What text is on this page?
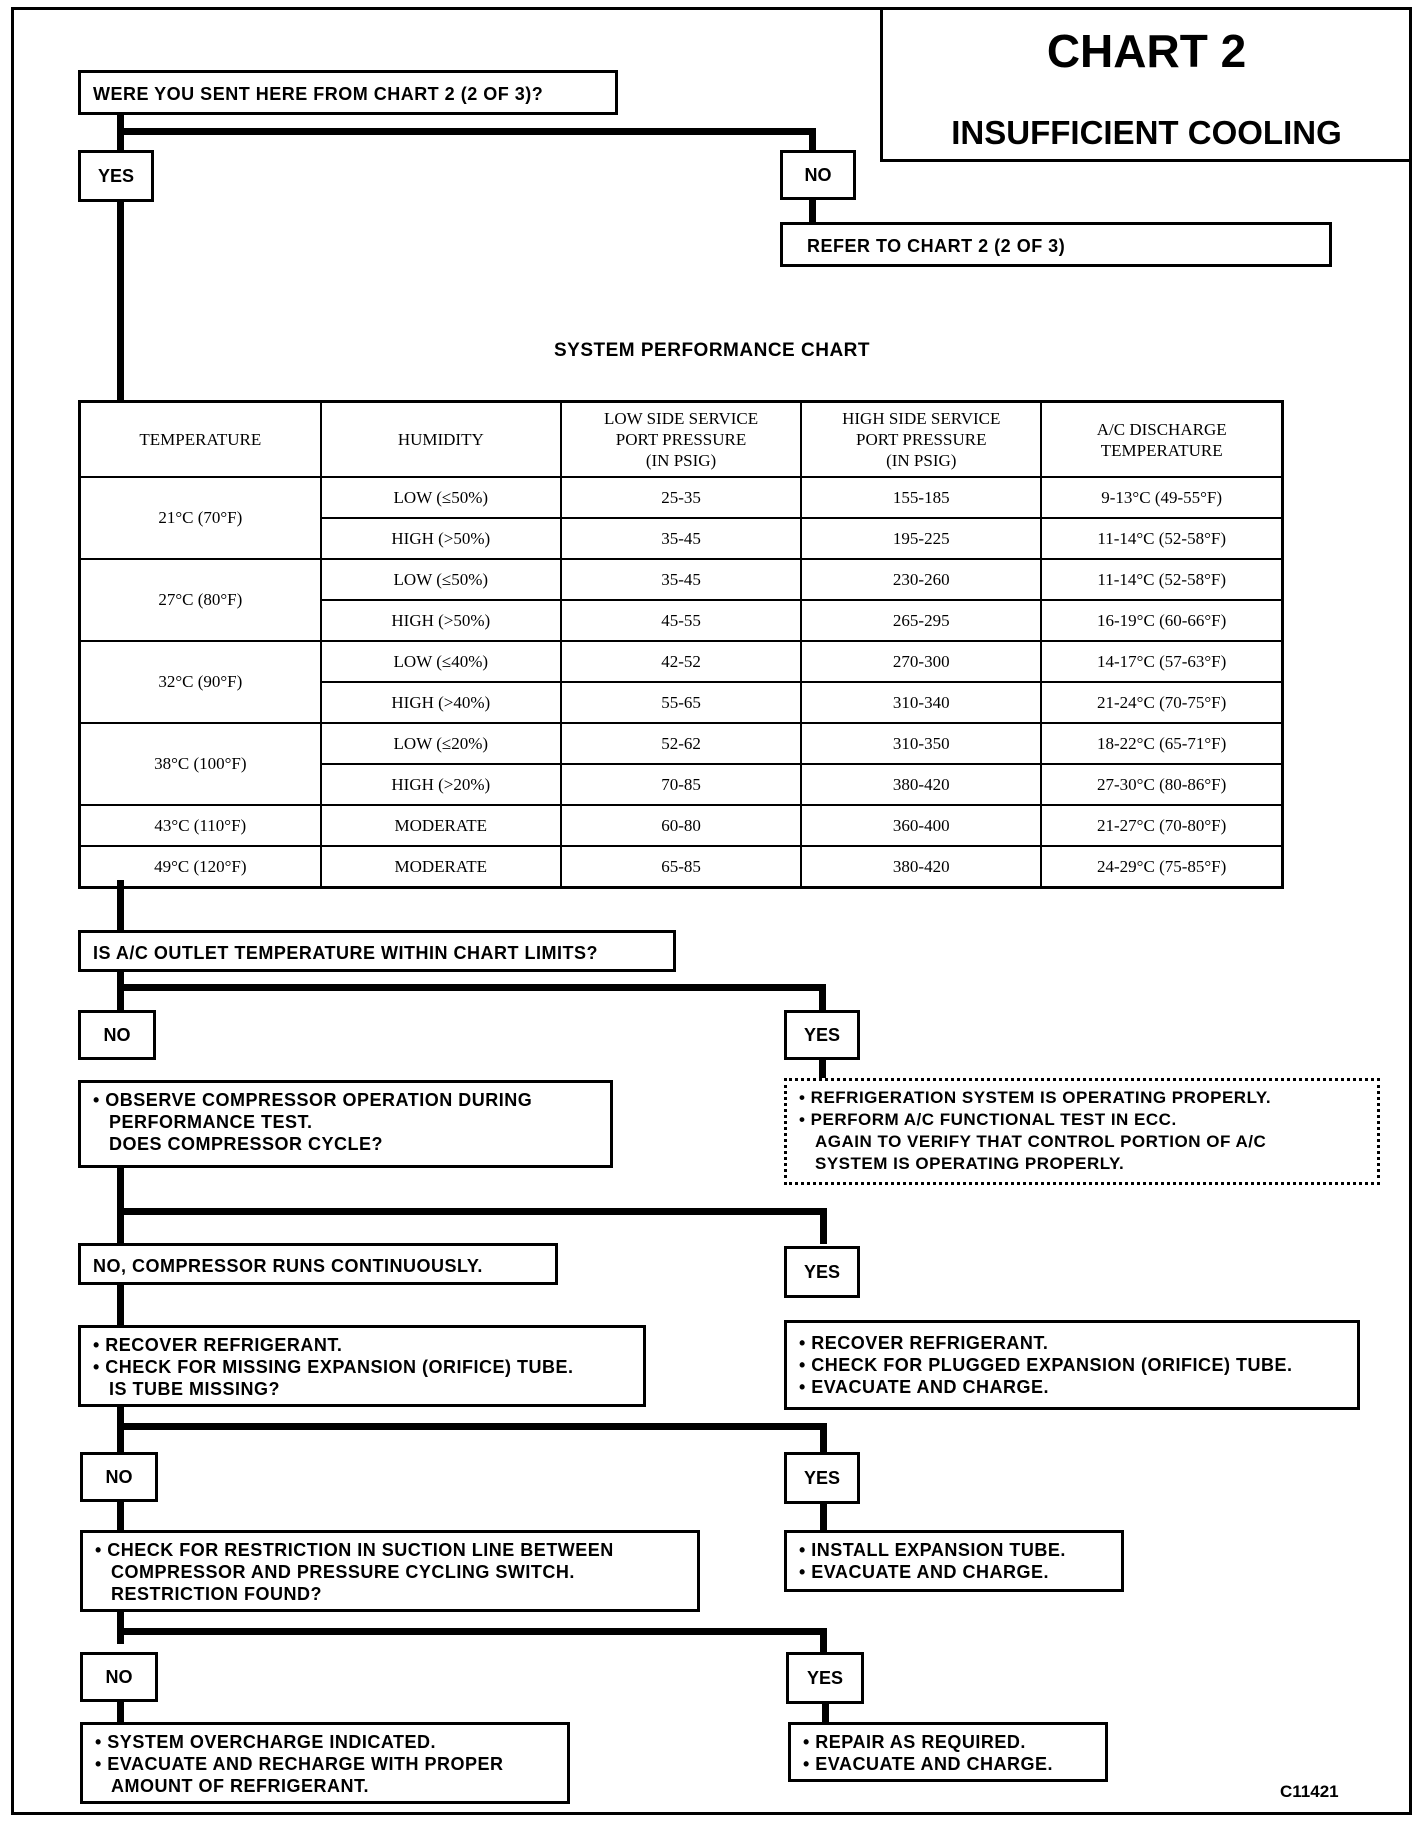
CHART 2
INSUFFICIENT COOLING
WERE YOU SENT HERE FROM CHART 2 (2 OF 3)?
YES	NO
REFER TO CHART 2 (2 OF 3)
SYSTEM PERFORMANCE CHART
TEMPERATURE	HUMIDITY	LOW SIDE SERVICE
PORT PRESSURE
(IN PSIG)	HIGH SIDE SERVICE
PORT PRESSURE
(IN PSIG)	A/C DISCHARGE
TEMPERATURE
21°C (70°F)	LOW (≤50%)	25-35	155-185	9-13°C (49-55°F)
	HIGH (>50%)	35-45	195-225	11-14°C (52-58°F)
27°C (80°F)	LOW (≤50%)	35-45	230-260	11-14°C (52-58°F)
	HIGH (>50%)	45-55	265-295	16-19°C (60-66°F)
32°C (90°F)	LOW (≤40%)	42-52	270-300	14-17°C (57-63°F)
	HIGH (>40%)	55-65	310-340	21-24°C (70-75°F)
38°C (100°F)	LOW (≤20%)	52-62	310-350	18-22°C (65-71°F)
	HIGH (>20%)	70-85	380-420	27-30°C (80-86°F)
43°C (110°F)	MODERATE	60-80	360-400	21-27°C (70-80°F)
49°C (120°F)	MODERATE	65-85	380-420	24-29°C (75-85°F)
IS A/C OUTLET TEMPERATURE WITHIN CHART LIMITS?
NO	YES
• OBSERVE COMPRESSOR OPERATION DURING
PERFORMANCE TEST.
DOES COMPRESSOR CYCLE?
• REFRIGERATION SYSTEM IS OPERATING PROPERLY.
• PERFORM A/C FUNCTIONAL TEST IN ECC.
AGAIN TO VERIFY THAT CONTROL PORTION OF A/C
SYSTEM IS OPERATING PROPERLY.
NO, COMPRESSOR RUNS CONTINUOUSLY.	YES
• RECOVER REFRIGERANT.
• CHECK FOR MISSING EXPANSION (ORIFICE) TUBE.
IS TUBE MISSING?
• RECOVER REFRIGERANT.
• CHECK FOR PLUGGED EXPANSION (ORIFICE) TUBE.
• EVACUATE AND CHARGE.
NO	YES
• CHECK FOR RESTRICTION IN SUCTION LINE BETWEEN
COMPRESSOR AND PRESSURE CYCLING SWITCH.
RESTRICTION FOUND?
• INSTALL EXPANSION TUBE.
• EVACUATE AND CHARGE.
NO	YES
• SYSTEM OVERCHARGE INDICATED.
• EVACUATE AND RECHARGE WITH PROPER
AMOUNT OF REFRIGERANT.
• REPAIR AS REQUIRED.
• EVACUATE AND CHARGE.
C11421
